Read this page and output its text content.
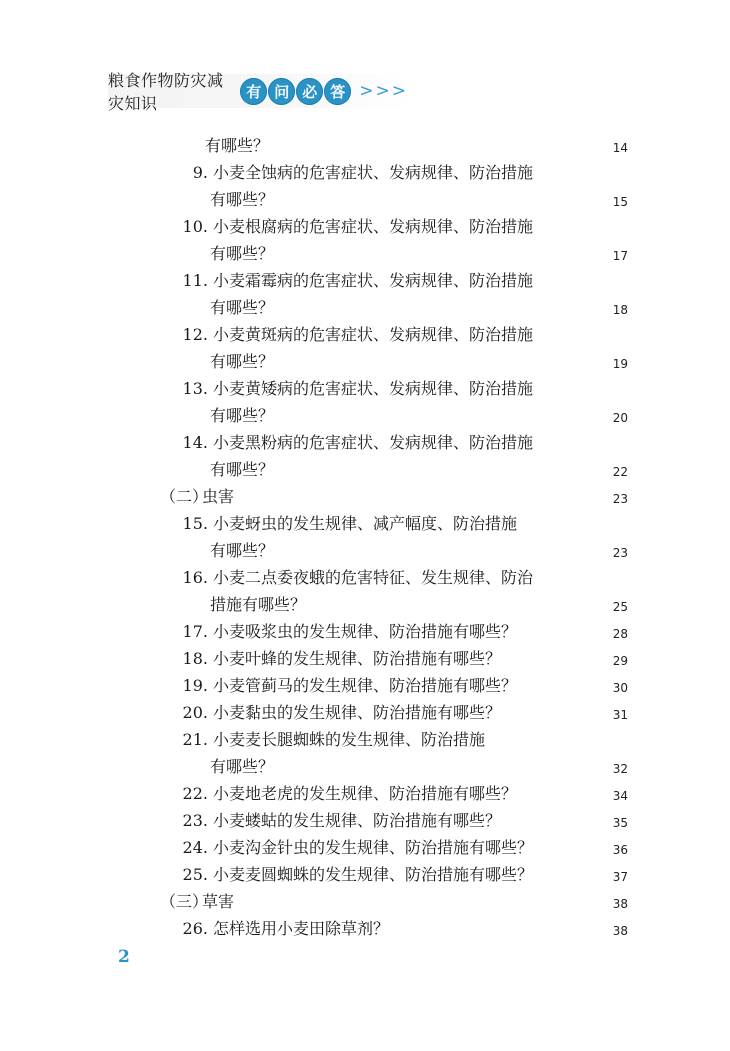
粮食作物防灾减灾知识
有 问 必 答 >>>
有哪些？	14
9. 小麦全蚀病的危害症状、发病规律、防治措施
有哪些？	15
10. 小麦根腐病的危害症状、发病规律、防治措施
有哪些？	17
11. 小麦霜霉病的危害症状、发病规律、防治措施
有哪些？	18
12. 小麦黄斑病的危害症状、发病规律、防治措施
有哪些？	19
13. 小麦黄矮病的危害症状、发病规律、防治措施
有哪些？	20
14. 小麦黑粉病的危害症状、发病规律、防治措施
有哪些？	22
（二）虫害	23
15. 小麦蚜虫的发生规律、减产幅度、防治措施
有哪些？	23
16. 小麦二点委夜蛾的危害特征、发生规律、防治
措施有哪些？	25
17. 小麦吸浆虫的发生规律、防治措施有哪些？	28
18. 小麦叶蜂的发生规律、防治措施有哪些？	29
19. 小麦管蓟马的发生规律、防治措施有哪些？	30
20. 小麦黏虫的发生规律、防治措施有哪些？	31
21. 小麦麦长腿蜘蛛的发生规律、防治措施
有哪些？	32
22. 小麦地老虎的发生规律、防治措施有哪些？	34
23. 小麦蝼蛄的发生规律、防治措施有哪些？	35
24. 小麦沟金针虫的发生规律、防治措施有哪些？	36
25. 小麦麦圆蜘蛛的发生规律、防治措施有哪些？	37
（三）草害	38
26. 怎样选用小麦田除草剂？	38
2
